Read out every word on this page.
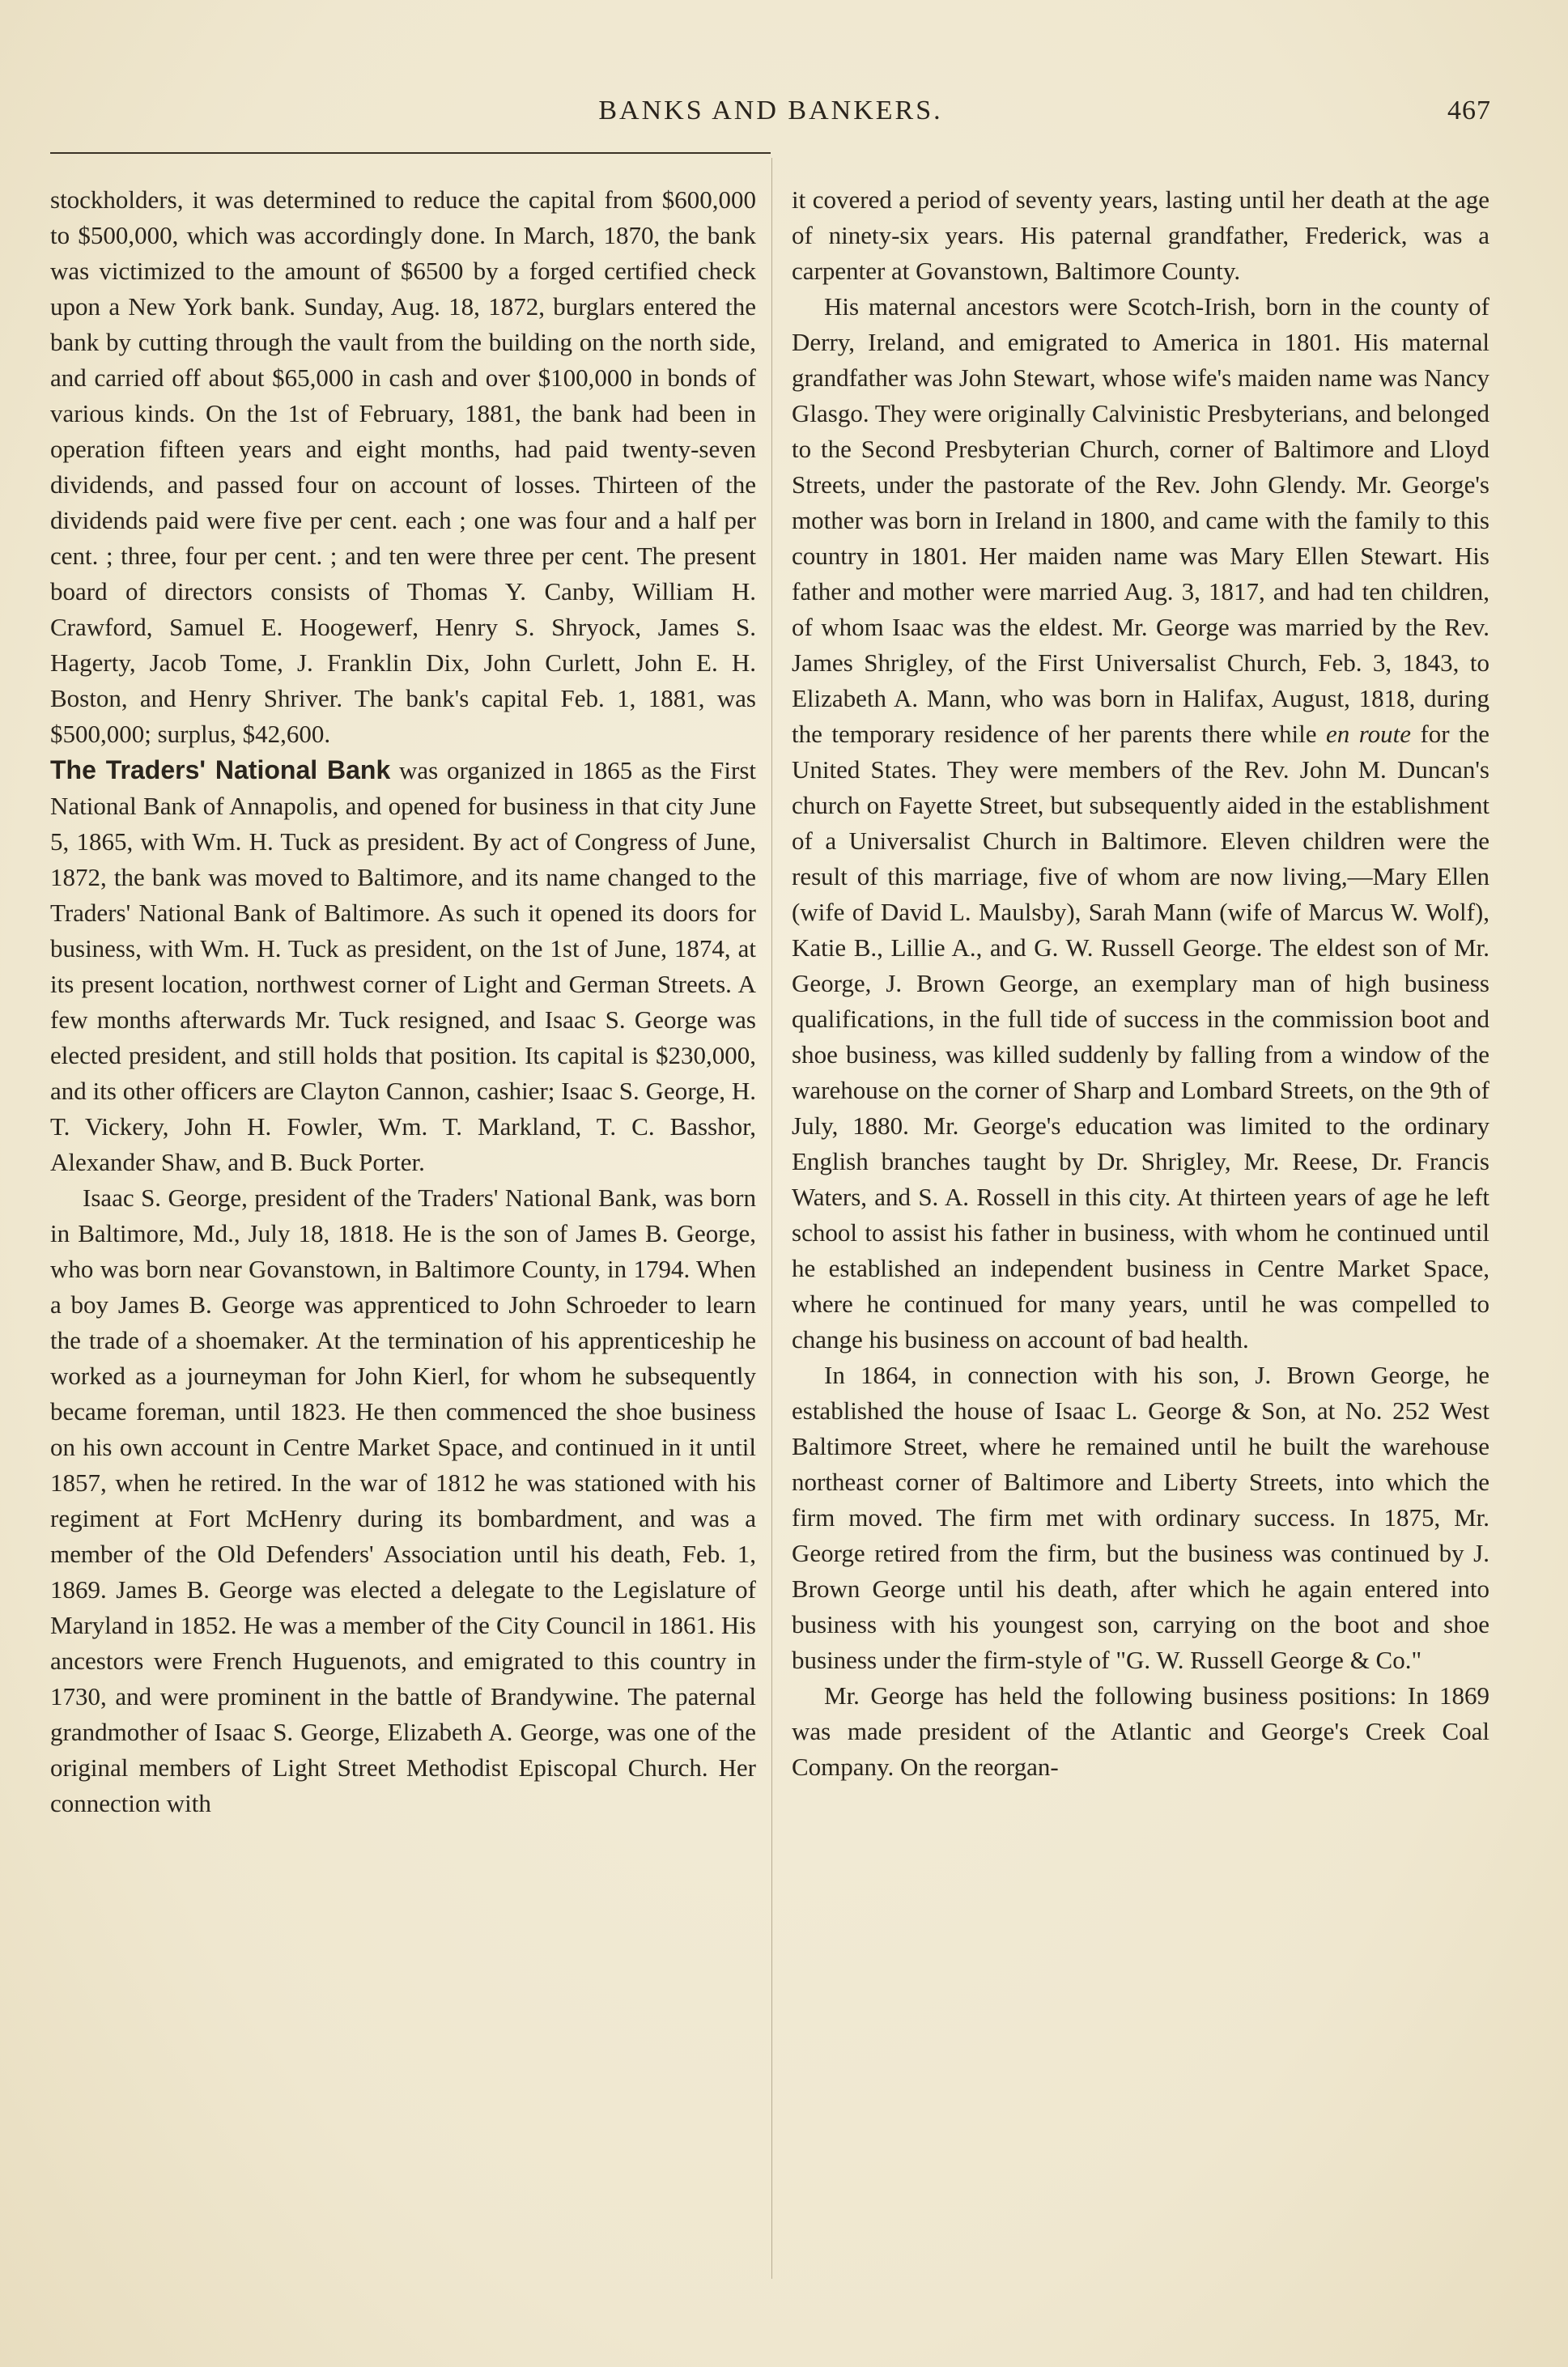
BANKS AND BANKERS.	467

stockholders, it was determined to reduce the capital from $600,000 to $500,000, which was accordingly done. In March, 1870, the bank was victimized to the amount of $6500 by a forged certified check upon a New York bank. Sunday, Aug. 18, 1872, burglars entered the bank by cutting through the vault from the building on the north side, and carried off about $65,000 in cash and over $100,000 in bonds of various kinds. On the 1st of February, 1881, the bank had been in operation fifteen years and eight months, had paid twenty-seven dividends, and passed four on account of losses. Thirteen of the dividends paid were five per cent. each ; one was four and a half per cent. ; three, four per cent. ; and ten were three per cent. The present board of directors consists of Thomas Y. Canby, William H. Crawford, Samuel E. Hoogewerf, Henry S. Shryock, James S. Hagerty, Jacob Tome, J. Franklin Dix, John Curlett, John E. H. Boston, and Henry Shriver. The bank's capital Feb. 1, 1881, was $500,000; surplus, $42,600.

The Traders' National Bank was organized in 1865 as the First National Bank of Annapolis, and opened for business in that city June 5, 1865, with Wm. H. Tuck as president. By act of Congress of June, 1872, the bank was moved to Baltimore, and its name changed to the Traders' National Bank of Baltimore. As such it opened its doors for business, with Wm. H. Tuck as president, on the 1st of June, 1874, at its present location, northwest corner of Light and German Streets. A few months afterwards Mr. Tuck resigned, and Isaac S. George was elected president, and still holds that position. Its capital is $230,000, and its other officers are Clayton Cannon, cashier; Isaac S. George, H. T. Vickery, John H. Fowler, Wm. T. Markland, T. C. Basshor, Alexander Shaw, and B. Buck Porter.

Isaac S. George, president of the Traders' National Bank, was born in Baltimore, Md., July 18, 1818. He is the son of James B. George, who was born near Govanstown, in Baltimore County, in 1794. When a boy James B. George was apprenticed to John Schroeder to learn the trade of a shoemaker. At the termination of his apprenticeship he worked as a journeyman for John Kierl, for whom he subsequently became foreman, until 1823. He then commenced the shoe business on his own account in Centre Market Space, and continued in it until 1857, when he retired. In the war of 1812 he was stationed with his regiment at Fort McHenry during its bombardment, and was a member of the Old Defenders' Association until his death, Feb. 1, 1869. James B. George was elected a delegate to the Legislature of Maryland in 1852. He was a member of the City Council in 1861. His ancestors were French Huguenots, and emigrated to this country in 1730, and were prominent in the battle of Brandywine. The paternal grandmother of Isaac S. George, Elizabeth A. George, was one of the original members of Light Street Methodist Episcopal Church. Her connection with

it covered a period of seventy years, lasting until her death at the age of ninety-six years. His paternal grandfather, Frederick, was a carpenter at Govanstown, Baltimore County.

His maternal ancestors were Scotch-Irish, born in the county of Derry, Ireland, and emigrated to America in 1801. His maternal grandfather was John Stewart, whose wife's maiden name was Nancy Glasgo. They were originally Calvinistic Presbyterians, and belonged to the Second Presbyterian Church, corner of Baltimore and Lloyd Streets, under the pastorate of the Rev. John Glendy. Mr. George's mother was born in Ireland in 1800, and came with the family to this country in 1801. Her maiden name was Mary Ellen Stewart. His father and mother were married Aug. 3, 1817, and had ten children, of whom Isaac was the eldest. Mr. George was married by the Rev. James Shrigley, of the First Universalist Church, Feb. 3, 1843, to Elizabeth A. Mann, who was born in Halifax, August, 1818, during the temporary residence of her parents there while en route for the United States. They were members of the Rev. John M. Duncan's church on Fayette Street, but subsequently aided in the establishment of a Universalist Church in Baltimore. Eleven children were the result of this marriage, five of whom are now living,—Mary Ellen (wife of David L. Maulsby), Sarah Mann (wife of Marcus W. Wolf), Katie B., Lillie A., and G. W. Russell George. The eldest son of Mr. George, J. Brown George, an exemplary man of high business qualifications, in the full tide of success in the commission boot and shoe business, was killed suddenly by falling from a window of the warehouse on the corner of Sharp and Lombard Streets, on the 9th of July, 1880. Mr. George's education was limited to the ordinary English branches taught by Dr. Shrigley, Mr. Reese, Dr. Francis Waters, and S. A. Rossell in this city. At thirteen years of age he left school to assist his father in business, with whom he continued until he established an independent business in Centre Market Space, where he continued for many years, until he was compelled to change his business on account of bad health.

In 1864, in connection with his son, J. Brown George, he established the house of Isaac L. George & Son, at No. 252 West Baltimore Street, where he remained until he built the warehouse northeast corner of Baltimore and Liberty Streets, into which the firm moved. The firm met with ordinary success. In 1875, Mr. George retired from the firm, but the business was continued by J. Brown George until his death, after which he again entered into business with his youngest son, carrying on the boot and shoe business under the firm-style of "G. W. Russell George & Co."

Mr. George has held the following business positions: In 1869 was made president of the Atlantic and George's Creek Coal Company. On the reorgan-
